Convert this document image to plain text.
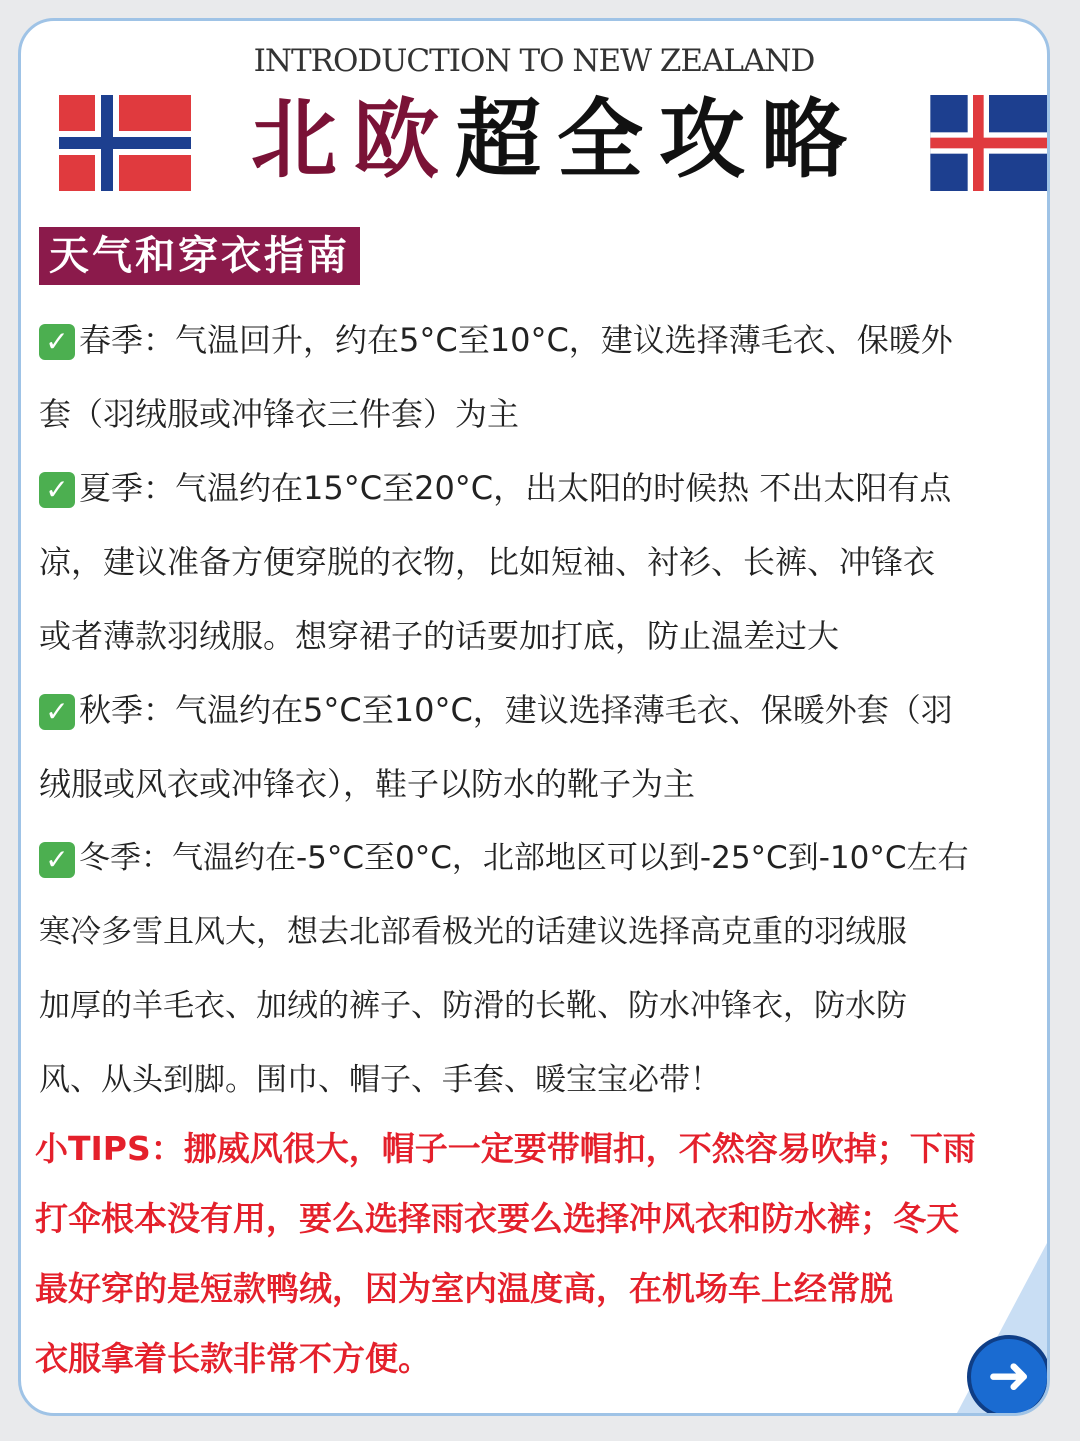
INTRODUCTION TO NEW ZEALAND
北欧超全攻略
天气和穿衣指南
✓ 春季：气温回升，约在5°C至10°C，建议选择薄毛衣、保暖外
套（羽绒服或冲锋衣三件套）为主
✓ 夏季：气温约在15°C至20°C，出太阳的时候热 不出太阳有点
凉，建议准备方便穿脱的衣物，比如短袖、衬衫、长裤、冲锋衣
或者薄款羽绒服。想穿裙子的话要加打底，防止温差过大
✓ 秋季：气温约在5°C至10°C，建议选择薄毛衣、保暖外套（羽
绒服或风衣或冲锋衣），鞋子以防水的靴子为主
✓ 冬季：气温约在-5°C至0°C，北部地区可以到-25°C到-10°C左右
寒冷多雪且风大，想去北部看极光的话建议选择高克重的羽绒服
加厚的羊毛衣、加绒的裤子、防滑的长靴、防水冲锋衣，防水防
风、从头到脚。围巾、帽子、手套、暖宝宝必带！
小TIPS：挪威风很大，帽子一定要带帽扣，不然容易吹掉；下雨
打伞根本没有用，要么选择雨衣要么选择冲风衣和防水裤；冬天
最好穿的是短款鸭绒，因为室内温度高，在机场车上经常脱
衣服拿着长款非常不方便。	➜
